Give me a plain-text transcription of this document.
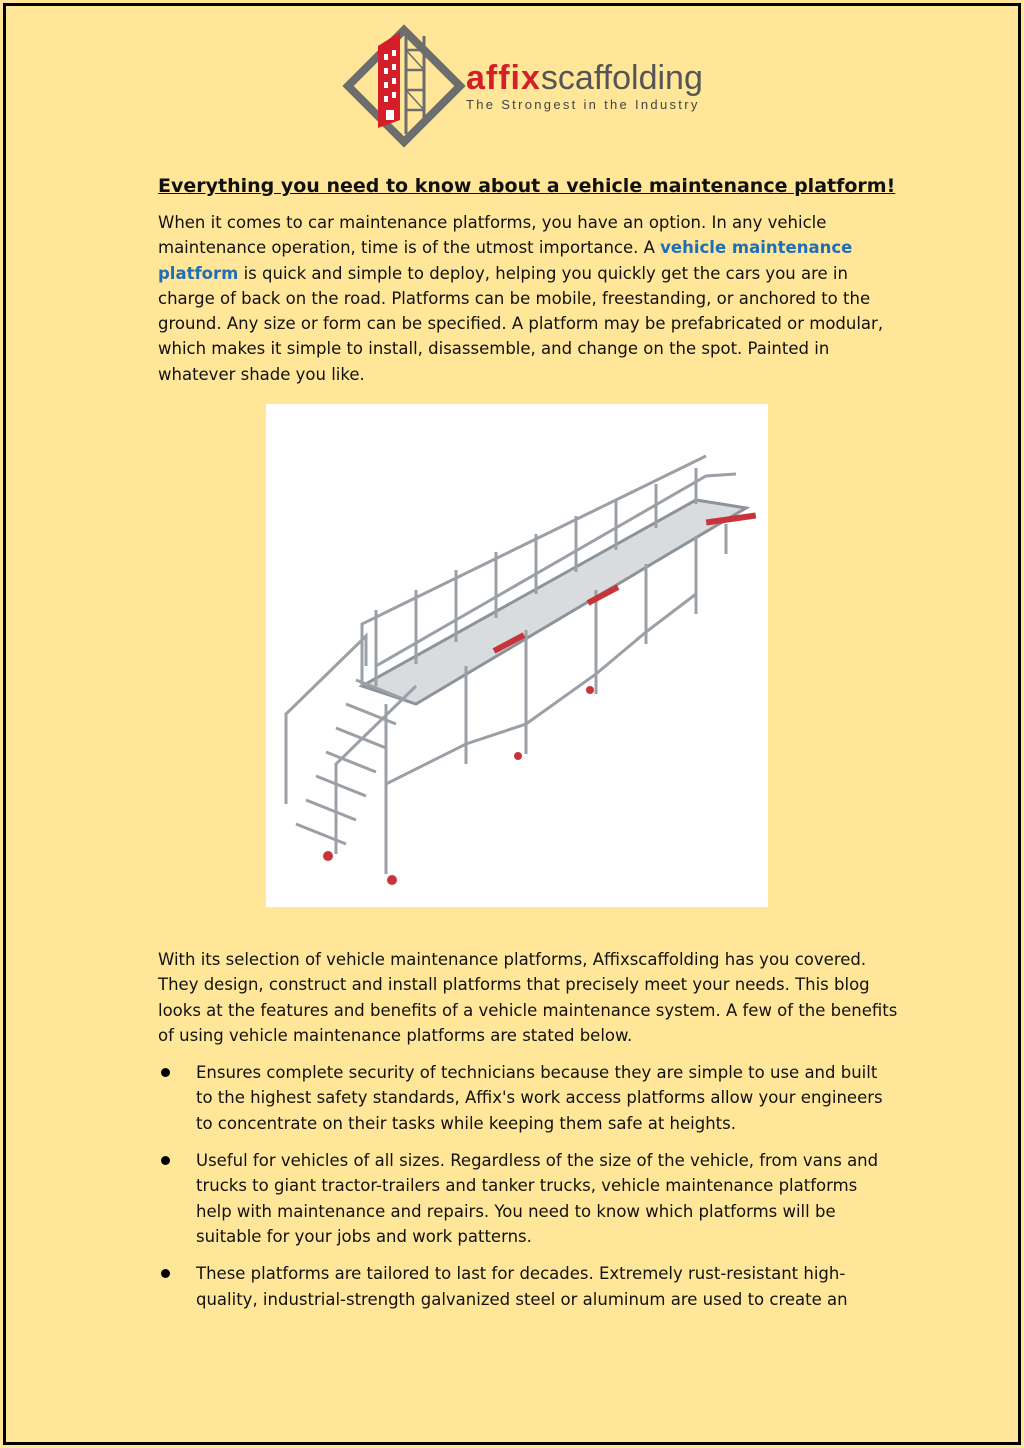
affixscaffolding
The Strongest in the Industry
Everything you need to know about a vehicle maintenance platform!

When it comes to car maintenance platforms, you have an option. In any vehicle maintenance operation, time is of the utmost importance. A vehicle maintenance platform is quick and simple to deploy, helping you quickly get the cars you are in charge of back on the road. Platforms can be mobile, freestanding, or anchored to the ground. Any size or form can be specified. A platform may be prefabricated or modular, which makes it simple to install, disassemble, and change on the spot. Painted in whatever shade you like.

With its selection of vehicle maintenance platforms, Affixscaffolding has you covered. They design, construct and install platforms that precisely meet your needs. This blog looks at the features and benefits of a vehicle maintenance system. A few of the benefits of using vehicle maintenance platforms are stated below.

Ensures complete security of technicians because they are simple to use and built to the highest safety standards, Affix's work access platforms allow your engineers to concentrate on their tasks while keeping them safe at heights.
Useful for vehicles of all sizes. Regardless of the size of the vehicle, from vans and trucks to giant tractor-trailers and tanker trucks, vehicle maintenance platforms help with maintenance and repairs. You need to know which platforms will be suitable for your jobs and work patterns.
These platforms are tailored to last for decades. Extremely rust-resistant high-quality, industrial-strength galvanized steel or aluminum are used to create an
